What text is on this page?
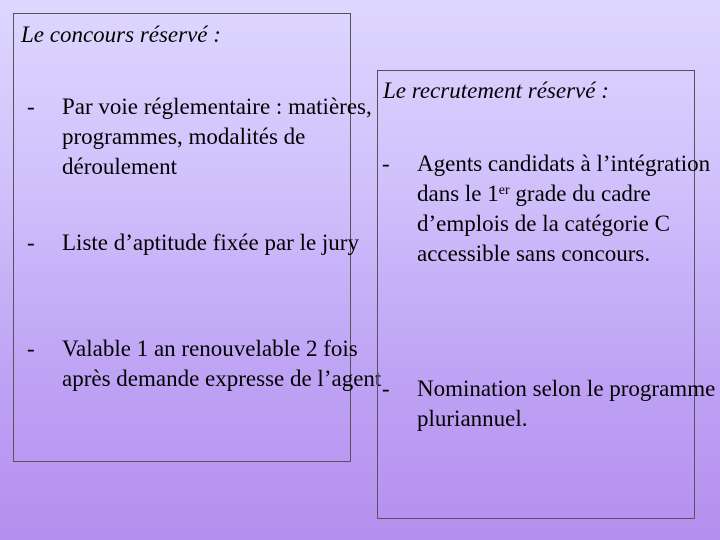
Le concours réservé :
- Par voie réglementaire : matières, programmes, modalités de déroulement
- Liste d’aptitude fixée par le jury
- Valable 1 an renouvelable 2 fois après demande expresse de l’agent
Le recrutement réservé :
- Agents candidats à l’intégration dans le 1er grade du cadre d’emplois de la catégorie C accessible sans concours.
- Nomination selon le programme pluriannuel.
